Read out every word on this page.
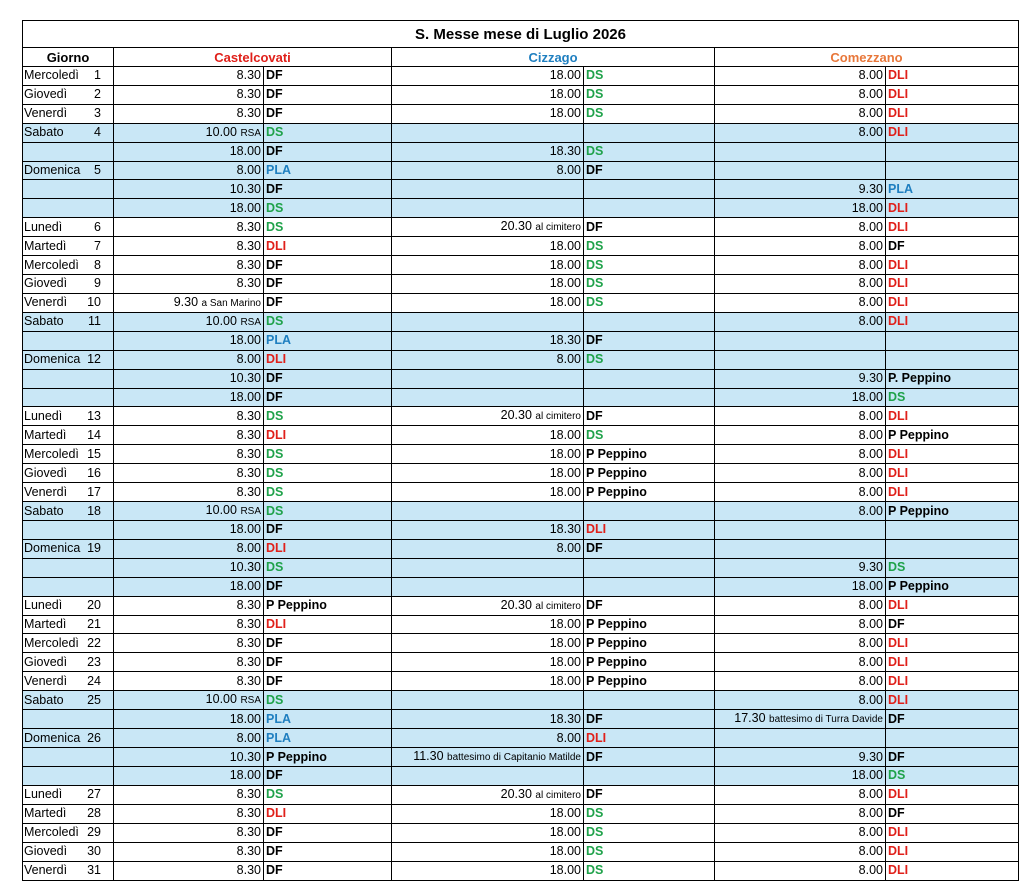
S. Messe mese di Luglio 2026						
Giorno	Castelcovati		Cizzago		Comezzano	

Mercoledì 1	8.30	DF	18.00	DS	8.00	DLI

Giovedì 2	8.30	DF	18.00	DS	8.00	DLI

Venerdì 3	8.30	DF	18.00	DS	8.00	DLI

Sabato 4	10.00 RSA	DS			8.00	DLI

	18.00	DF	18.30	DS		

Domenica 5	8.00	PLA	8.00	DF		

	10.30	DF			9.30	PLA

	18.00	DS			18.00	DLI

Lunedì 6	8.30	DS	20.30 al cimitero	DF	8.00	DLI

Martedì 7	8.30	DLI	18.00	DS	8.00	DF

Mercoledì 8	8.30	DF	18.00	DS	8.00	DLI

Giovedì 9	8.30	DF	18.00	DS	8.00	DLI

Venerdì 10	9.30 a San Marino	DF	18.00	DS	8.00	DLI

Sabato 11	10.00 RSA	DS			8.00	DLI

	18.00	PLA	18.30	DF		

Domenica 12	8.00	DLI	8.00	DS		

	10.30	DF			9.30	P. Peppino

	18.00	DF			18.00	DS

Lunedì 13	8.30	DS	20.30 al cimitero	DF	8.00	DLI

Martedì 14	8.30	DLI	18.00	DS	8.00	P Peppino

Mercoledì 15	8.30	DS	18.00	P Peppino	8.00	DLI

Giovedì 16	8.30	DS	18.00	P Peppino	8.00	DLI

Venerdì 17	8.30	DS	18.00	P Peppino	8.00	DLI

Sabato 18	10.00 RSA	DS			8.00	P Peppino

	18.00	DF	18.30	DLI		

Domenica 19	8.00	DLI	8.00	DF		

	10.30	DS			9.30	DS

	18.00	DF			18.00	P Peppino

Lunedì 20	8.30	P Peppino	20.30 al cimitero	DF	8.00	DLI

Martedì 21	8.30	DLI	18.00	P Peppino	8.00	DF

Mercoledì 22	8.30	DF	18.00	P Peppino	8.00	DLI

Giovedì 23	8.30	DF	18.00	P Peppino	8.00	DLI

Venerdì 24	8.30	DF	18.00	P Peppino	8.00	DLI

Sabato 25	10.00 RSA	DS			8.00	DLI

	18.00	PLA	18.30	DF	17.30 battesimo di Turra Davide	DF

Domenica 26	8.00	PLA	8.00	DLI		

	10.30	P Peppino	11.30 battesimo di Capitanio Matilde	DF	9.30	DF

	18.00	DF			18.00	DS

Lunedì 27	8.30	DS	20.30 al cimitero	DF	8.00	DLI

Martedì 28	8.30	DLI	18.00	DS	8.00	DF

Mercoledì 29	8.30	DF	18.00	DS	8.00	DLI

Giovedì 30	8.30	DF	18.00	DS	8.00	DLI

Venerdì 31	8.30	DF	18.00	DS	8.00	DLI
